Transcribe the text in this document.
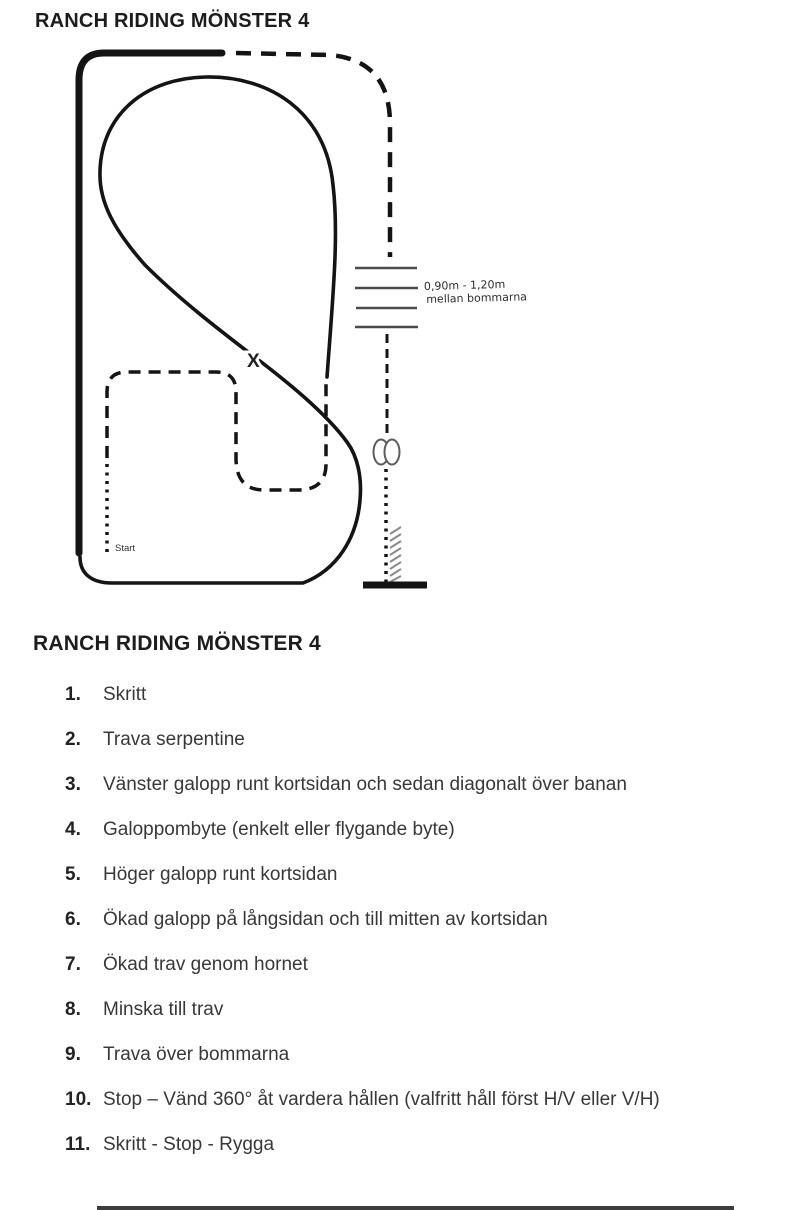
RANCH RIDING MÖNSTER 4
X
Start
0,90m - 1,20m
mellan bommarna
RANCH RIDING MÖNSTER 4
1.	Skritt
2.	Trava serpentine
3.	Vänster galopp runt kortsidan och sedan diagonalt över banan
4.	Galoppombyte (enkelt eller flygande byte)
5.	Höger galopp runt kortsidan
6.	Ökad galopp på långsidan och till mitten av kortsidan
7.	Ökad trav genom hornet
8.	Minska till trav
9.	Trava över bommarna
10. Stop – Vänd 360° åt vardera hållen (valfritt håll först H/V eller V/H)
11. Skritt - Stop - Rygga
